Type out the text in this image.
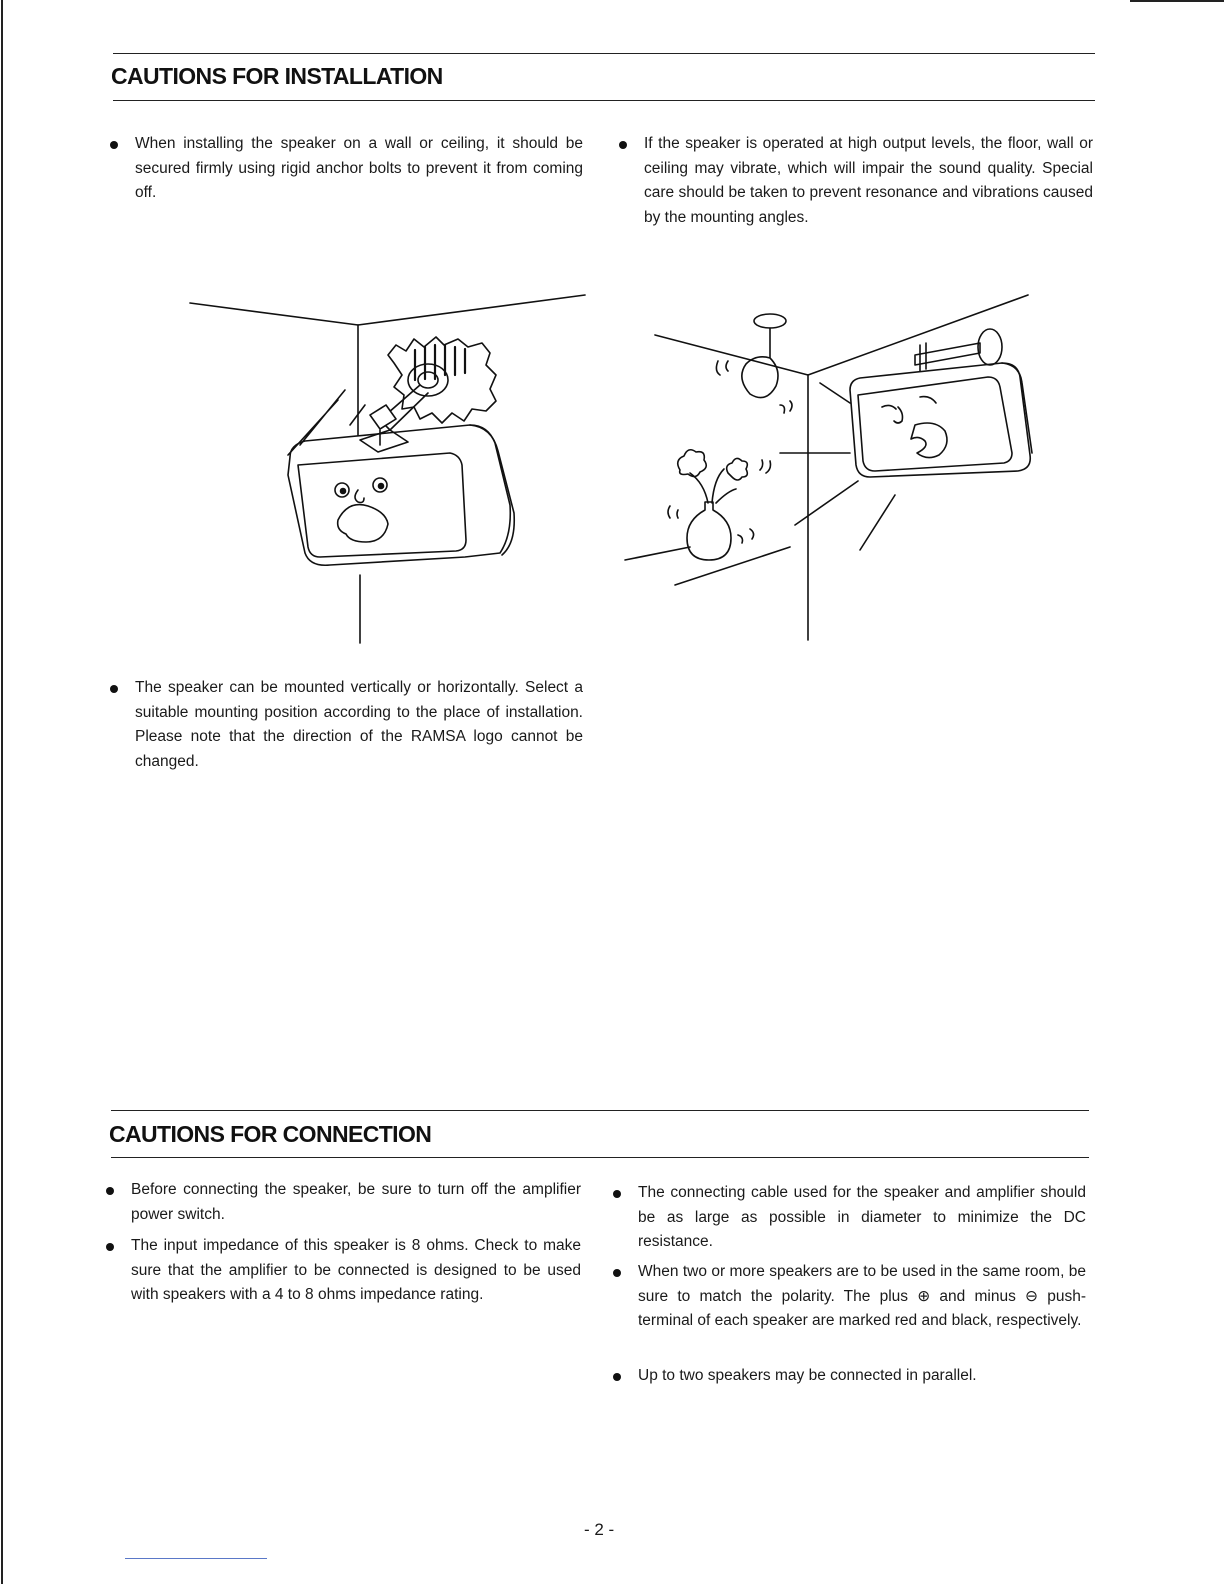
CAUTIONS FOR INSTALLATION
When installing the speaker on a wall or ceiling, it should be secured firmly using rigid anchor bolts to prevent it from coming off.
If the speaker is operated at high output levels, the floor, wall or ceiling may vibrate, which will impair the sound quality. Special care should be taken to prevent resonance and vibrations caused by the mounting angles.
The speaker can be mounted vertically or horizontally. Select a suitable mounting position according to the place of installation. Please note that the direction of the RAMSA logo cannot be changed.
CAUTIONS FOR CONNECTION
Before connecting the speaker, be sure to turn off the amplifier power switch.
The input impedance of this speaker is 8 ohms. Check to make sure that the amplifier to be connected is designed to be used with speakers with a 4 to 8 ohms impedance rating.
The connecting cable used for the speaker and amplifier should be as large as possible in diameter to minimize the DC resistance.
When two or more speakers are to be used in the same room, be sure to match the polarity. The plus ⊕ and minus ⊖ push-terminal of each speaker are marked red and black, respectively.
Up to two speakers may be connected in parallel.
- 2 -
